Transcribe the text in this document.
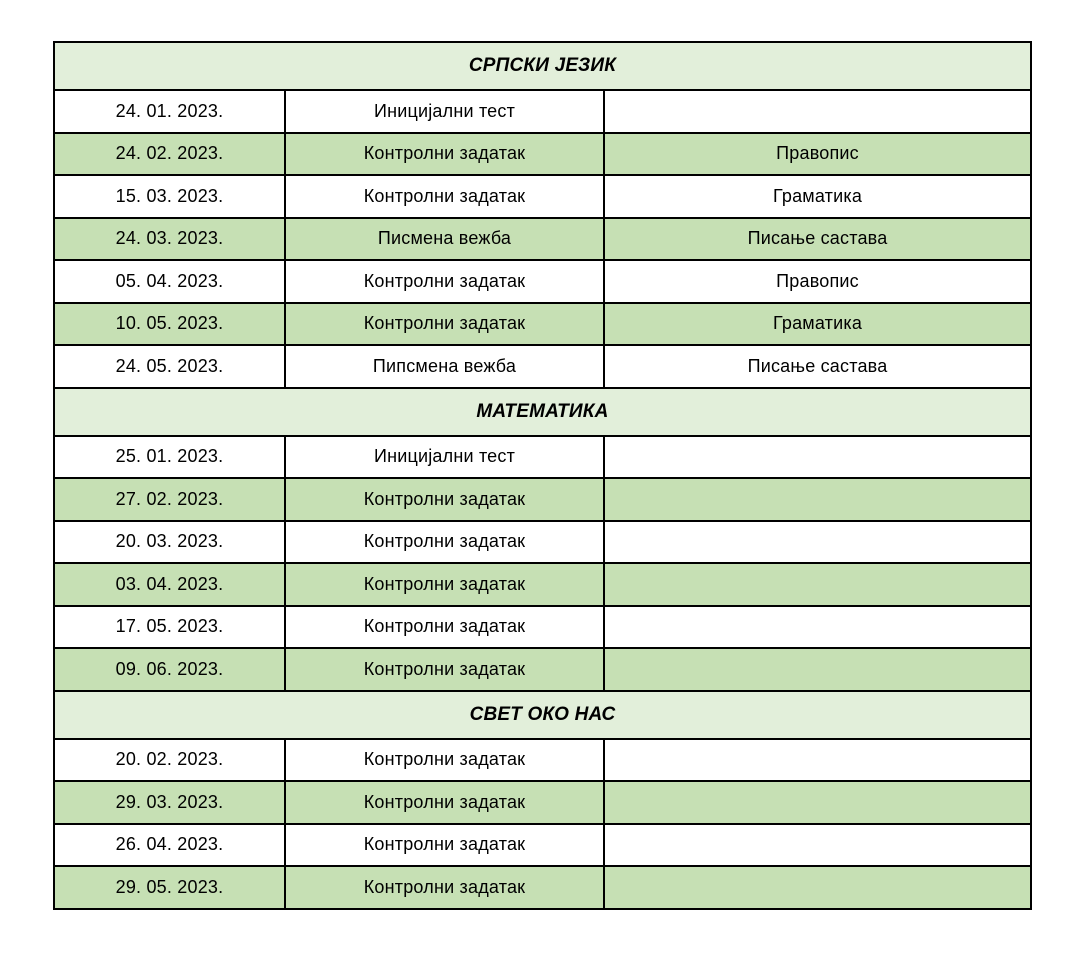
СРПСКИ ЈЕЗИК		
24. 01. 2023.	Иницијални тест	
24. 02. 2023.	Контролни задатак	Правопис
15. 03. 2023.	Контролни задатак	Граматика
24. 03. 2023.	Писмена вежба	Писање састава
05. 04. 2023.	Контролни задатак	Правопис
10. 05. 2023.	Контролни задатак	Граматика
24. 05. 2023.	Пипсмена вежба	Писање састава
МАТЕМАТИКА		
25. 01. 2023.	Иницијални тест	
27. 02. 2023.	Контролни задатак	
20. 03. 2023.	Контролни задатак	
03. 04. 2023.	Контролни задатак	
17. 05. 2023.	Контролни задатак	
09. 06. 2023.	Контролни задатак	
СВЕТ ОКО НАС		
20. 02. 2023.	Контролни задатак	
29. 03. 2023.	Контролни задатак	
26. 04. 2023.	Контролни задатак	
29. 05. 2023.	Контролни задатак	
